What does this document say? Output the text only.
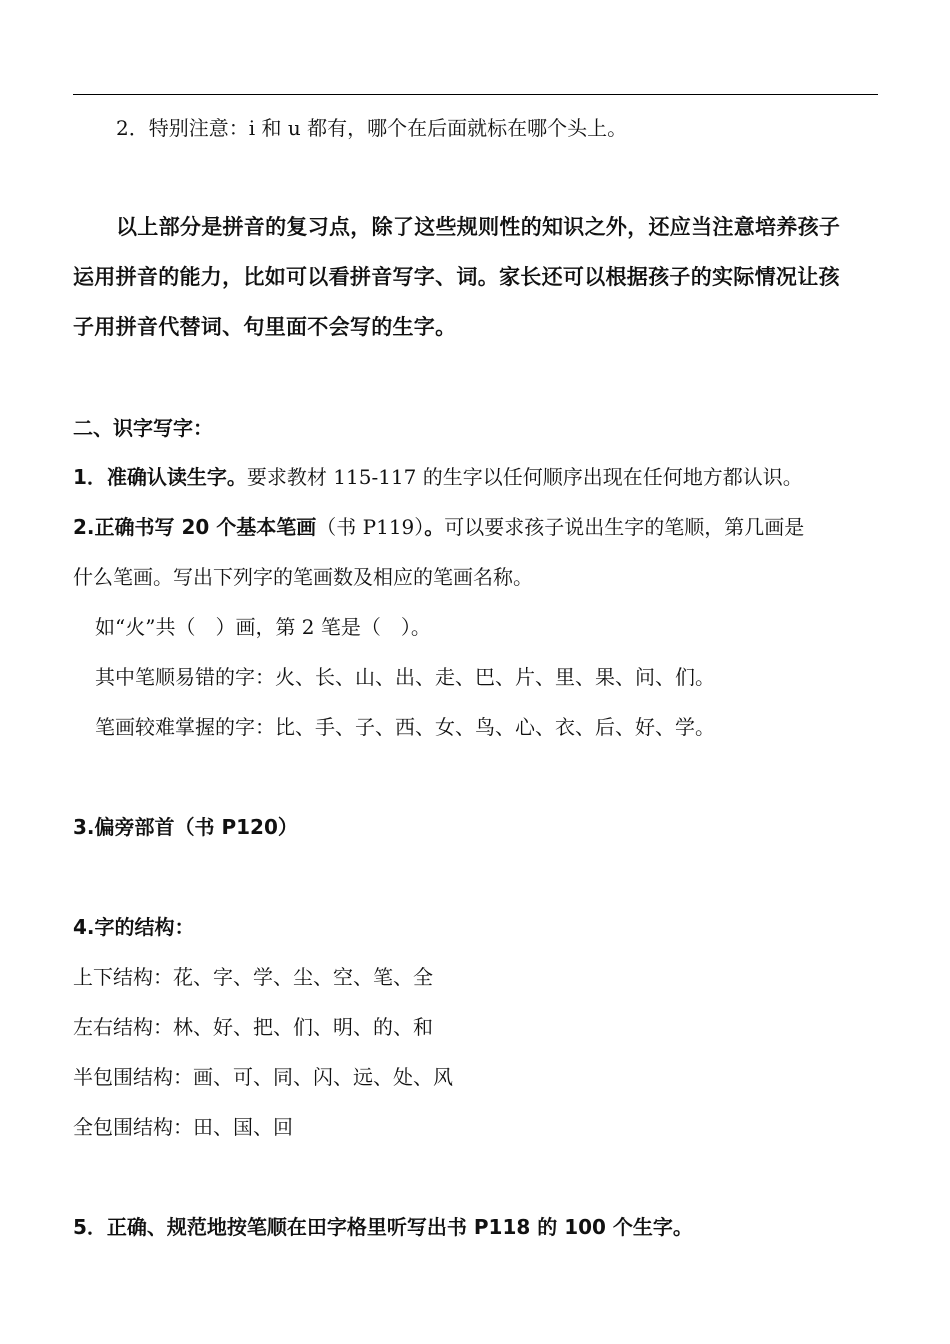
2．特别注意：i 和 u 都有，哪个在后面就标在哪个头上。
以上部分是拼音的复习点，除了这些规则性的知识之外，还应当注意培养孩子
运用拼音的能力，比如可以看拼音写字、词。家长还可以根据孩子的实际情况让孩
子用拼音代替词、句里面不会写的生字。
二、识字写字：
1．准确认读生字。要求教材 115-117 的生字以任何顺序出现在任何地方都认识。
2.正确书写 20 个基本笔画（书 P119）。可以要求孩子说出生字的笔顺，第几画是
什么笔画。写出下列字的笔画数及相应的笔画名称。
如“火”共（　）画，第 2 笔是（　）。
其中笔顺易错的字：火、长、山、出、走、巴、片、里、果、问、们。
笔画较难掌握的字：比、手、子、西、女、鸟、心、衣、后、好、学。
3.偏旁部首（书 P120）
4.字的结构：
上下结构：花、字、学、尘、空、笔、全
左右结构：林、好、把、们、明、的、和
半包围结构：画、可、同、闪、远、处、风
全包围结构：田、国、回
5．正确、规范地按笔顺在田字格里听写出书 P118 的 100 个生字。
